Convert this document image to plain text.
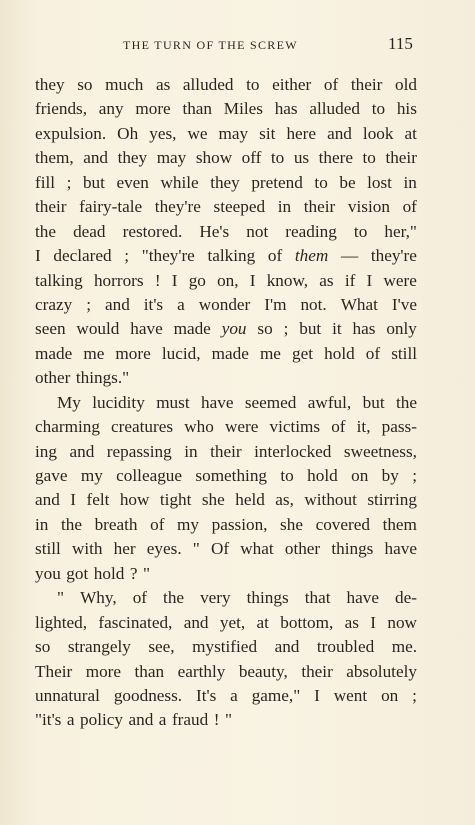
THE TURN OF THE SCREW	115
they so much as alluded to either of their old
friends, any more than Miles has alluded to his
expulsion. Oh yes, we may sit here and look at
them, and they may show off to us there to their
fill ; but even while they pretend to be lost in
their fairy-tale they're steeped in their vision of
the dead restored. He's not reading to her,"
I declared ; "they're talking of them — they're
talking horrors ! I go on, I know, as if I were
crazy ; and it's a wonder I'm not. What I've
seen would have made you so ; but it has only
made me more lucid, made me get hold of still
other things."
My lucidity must have seemed awful, but the
charming creatures who were victims of it, pass-
ing and repassing in their interlocked sweetness,
gave my colleague something to hold on by ;
and I felt how tight she held as, without stirring
in the breath of my passion, she covered them
still with her eyes. " Of what other things have
you got hold ? "
" Why, of the very things that have de-
lighted, fascinated, and yet, at bottom, as I now
so strangely see, mystified and troubled me.
Their more than earthly beauty, their absolutely
unnatural goodness. It's a game," I went on ;
"it's a policy and a fraud ! "
